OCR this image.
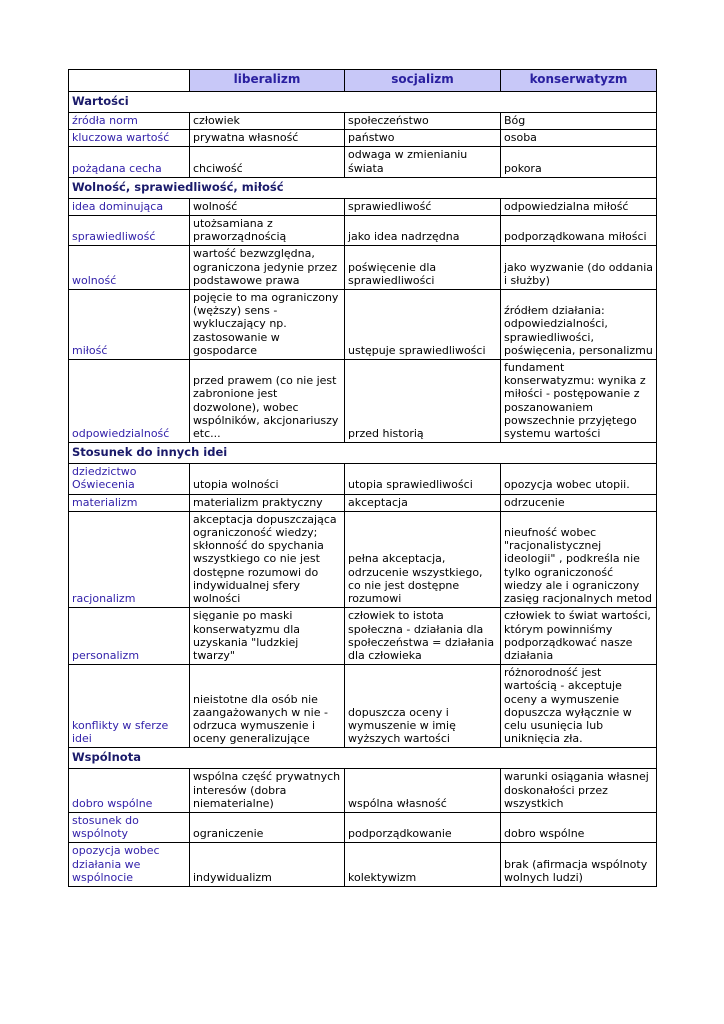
	liberalizm	socjalizm	konserwatyzm
Wartości			
źródła norm	człowiek	społeczeństwo	Bóg
kluczowa wartość	prywatna własność	państwo	osoba
pożądana cecha	chciwość	odwaga w zmienianiu świata	pokora
Wolność, sprawiedliwość, miłość			
idea dominująca	wolność	sprawiedliwość	odpowiedzialna miłość
sprawiedliwość	utożsamiana z praworządnością	jako idea nadrzędna	podporządkowana miłości
wolność	wartość bezwzględna, ograniczona jedynie przez podstawowe prawa	poświęcenie dla sprawiedliwości	jako wyzwanie (do oddania i służby)
miłość	pojęcie to ma ograniczony (węższy) sens - wykluczający np. zastosowanie w gospodarce	ustępuje sprawiedliwości	źródłem działania: odpowiedzialności, sprawiedliwości, poświęcenia, personalizmu
odpowiedzialność	przed prawem (co nie jest zabronione jest dozwolone), wobec wspólników, akcjonariuszy etc...	przed historią	fundament konserwatyzmu: wynika z miłości - postępowanie z poszanowaniem powszechnie przyjętego systemu wartości
Stosunek do innych idei			
dziedzictwo Oświecenia	utopia wolności	utopia sprawiedliwości	opozycja wobec utopii.
materializm	materializm praktyczny	akceptacja	odrzucenie
racjonalizm	akceptacja dopuszczająca ograniczoność wiedzy; skłonność do spychania wszystkiego co nie jest dostępne rozumowi do indywidualnej sfery wolności	pełna akceptacja, odrzucenie wszystkiego, co nie jest dostępne rozumowi	nieufność wobec "racjonalistycznej ideologii" , podkreśla nie tylko ograniczoność wiedzy ale i ograniczony zasięg racjonalnych metod
personalizm	sięganie po maski konserwatyzmu dla uzyskania "ludzkiej twarzy"	człowiek to istota społeczna - działania dla społeczeństwa = działania dla człowieka	człowiek to świat wartości, którym powinniśmy podporządkować nasze działania
konflikty w sferze idei	nieistotne dla osób nie zaangażowanych w nie - odrzuca wymuszenie i oceny generalizujące	dopuszcza oceny i wymuszenie w imię wyższych wartości	różnorodność jest wartością - akceptuje oceny a wymuszenie dopuszcza wyłącznie w celu usunięcia lub uniknięcia zła.
Wspólnota			
dobro wspólne	wspólna część prywatnych interesów (dobra niematerialne)	wspólna własność	warunki osiągania własnej doskonałości przez wszystkich
stosunek do wspólnoty	ograniczenie	podporządkowanie	dobro wspólne
opozycja wobec działania we wspólnocie	indywidualizm	kolektywizm	brak (afirmacja wspólnoty wolnych ludzi)
